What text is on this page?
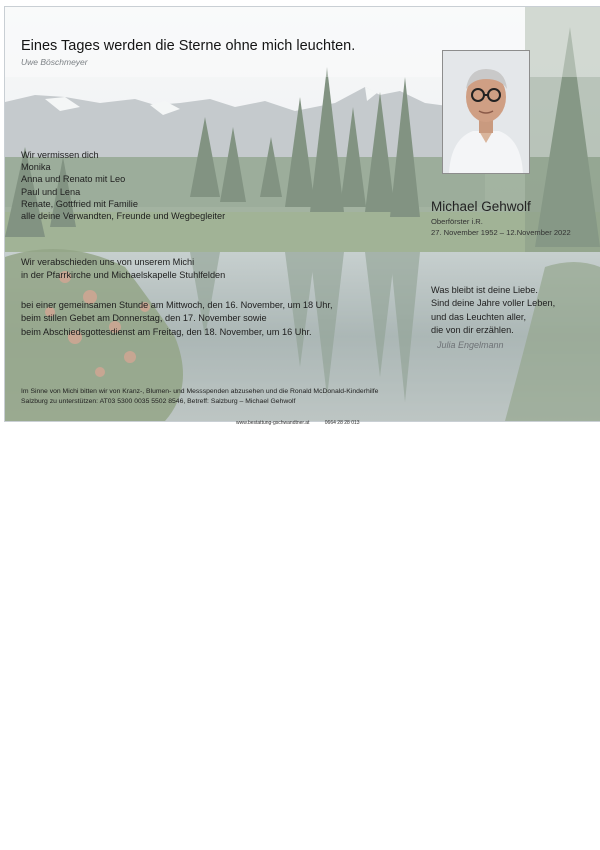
Eines Tages werden die Sterne ohne mich leuchten.
Uwe Böschmeyer
Wir vermissen dich
Monika
Anna und Renato mit Leo
Paul und Lena
Renate, Gottfried mit Familie
alle deine Verwandten, Freunde und Wegbegleiter
Wir verabschieden uns von unserem Michi
in der Pfarrkirche und Michaelskapelle Stuhlfelden
bei einer gemeinsamen Stunde am Mittwoch, den 16. November, um 18 Uhr,
beim stillen Gebet am Donnerstag, den 17. November sowie
beim Abschiedsgottesdienst am Freitag, den 18. November, um 16 Uhr.
Michael Gehwolf
Oberförster i.R.
27. November 1952 – 12.November 2022
Was bleibt ist deine Liebe.
Sind deine Jahre voller Leben,
und das Leuchten aller,
die von dir erzählen.
Julia Engelmann
Im Sinne von Michi bitten wir von Kranz-, Blumen- und Messspenden abzusehen und die Ronald McDonald-Kinderhilfe
Salzburg zu unterstützen: AT03 5300 0035 5502 8546, Betreff: Salzburg – Michael Gehwolf
www.bestattung-gschwandtner.at	0664 28 28 013
